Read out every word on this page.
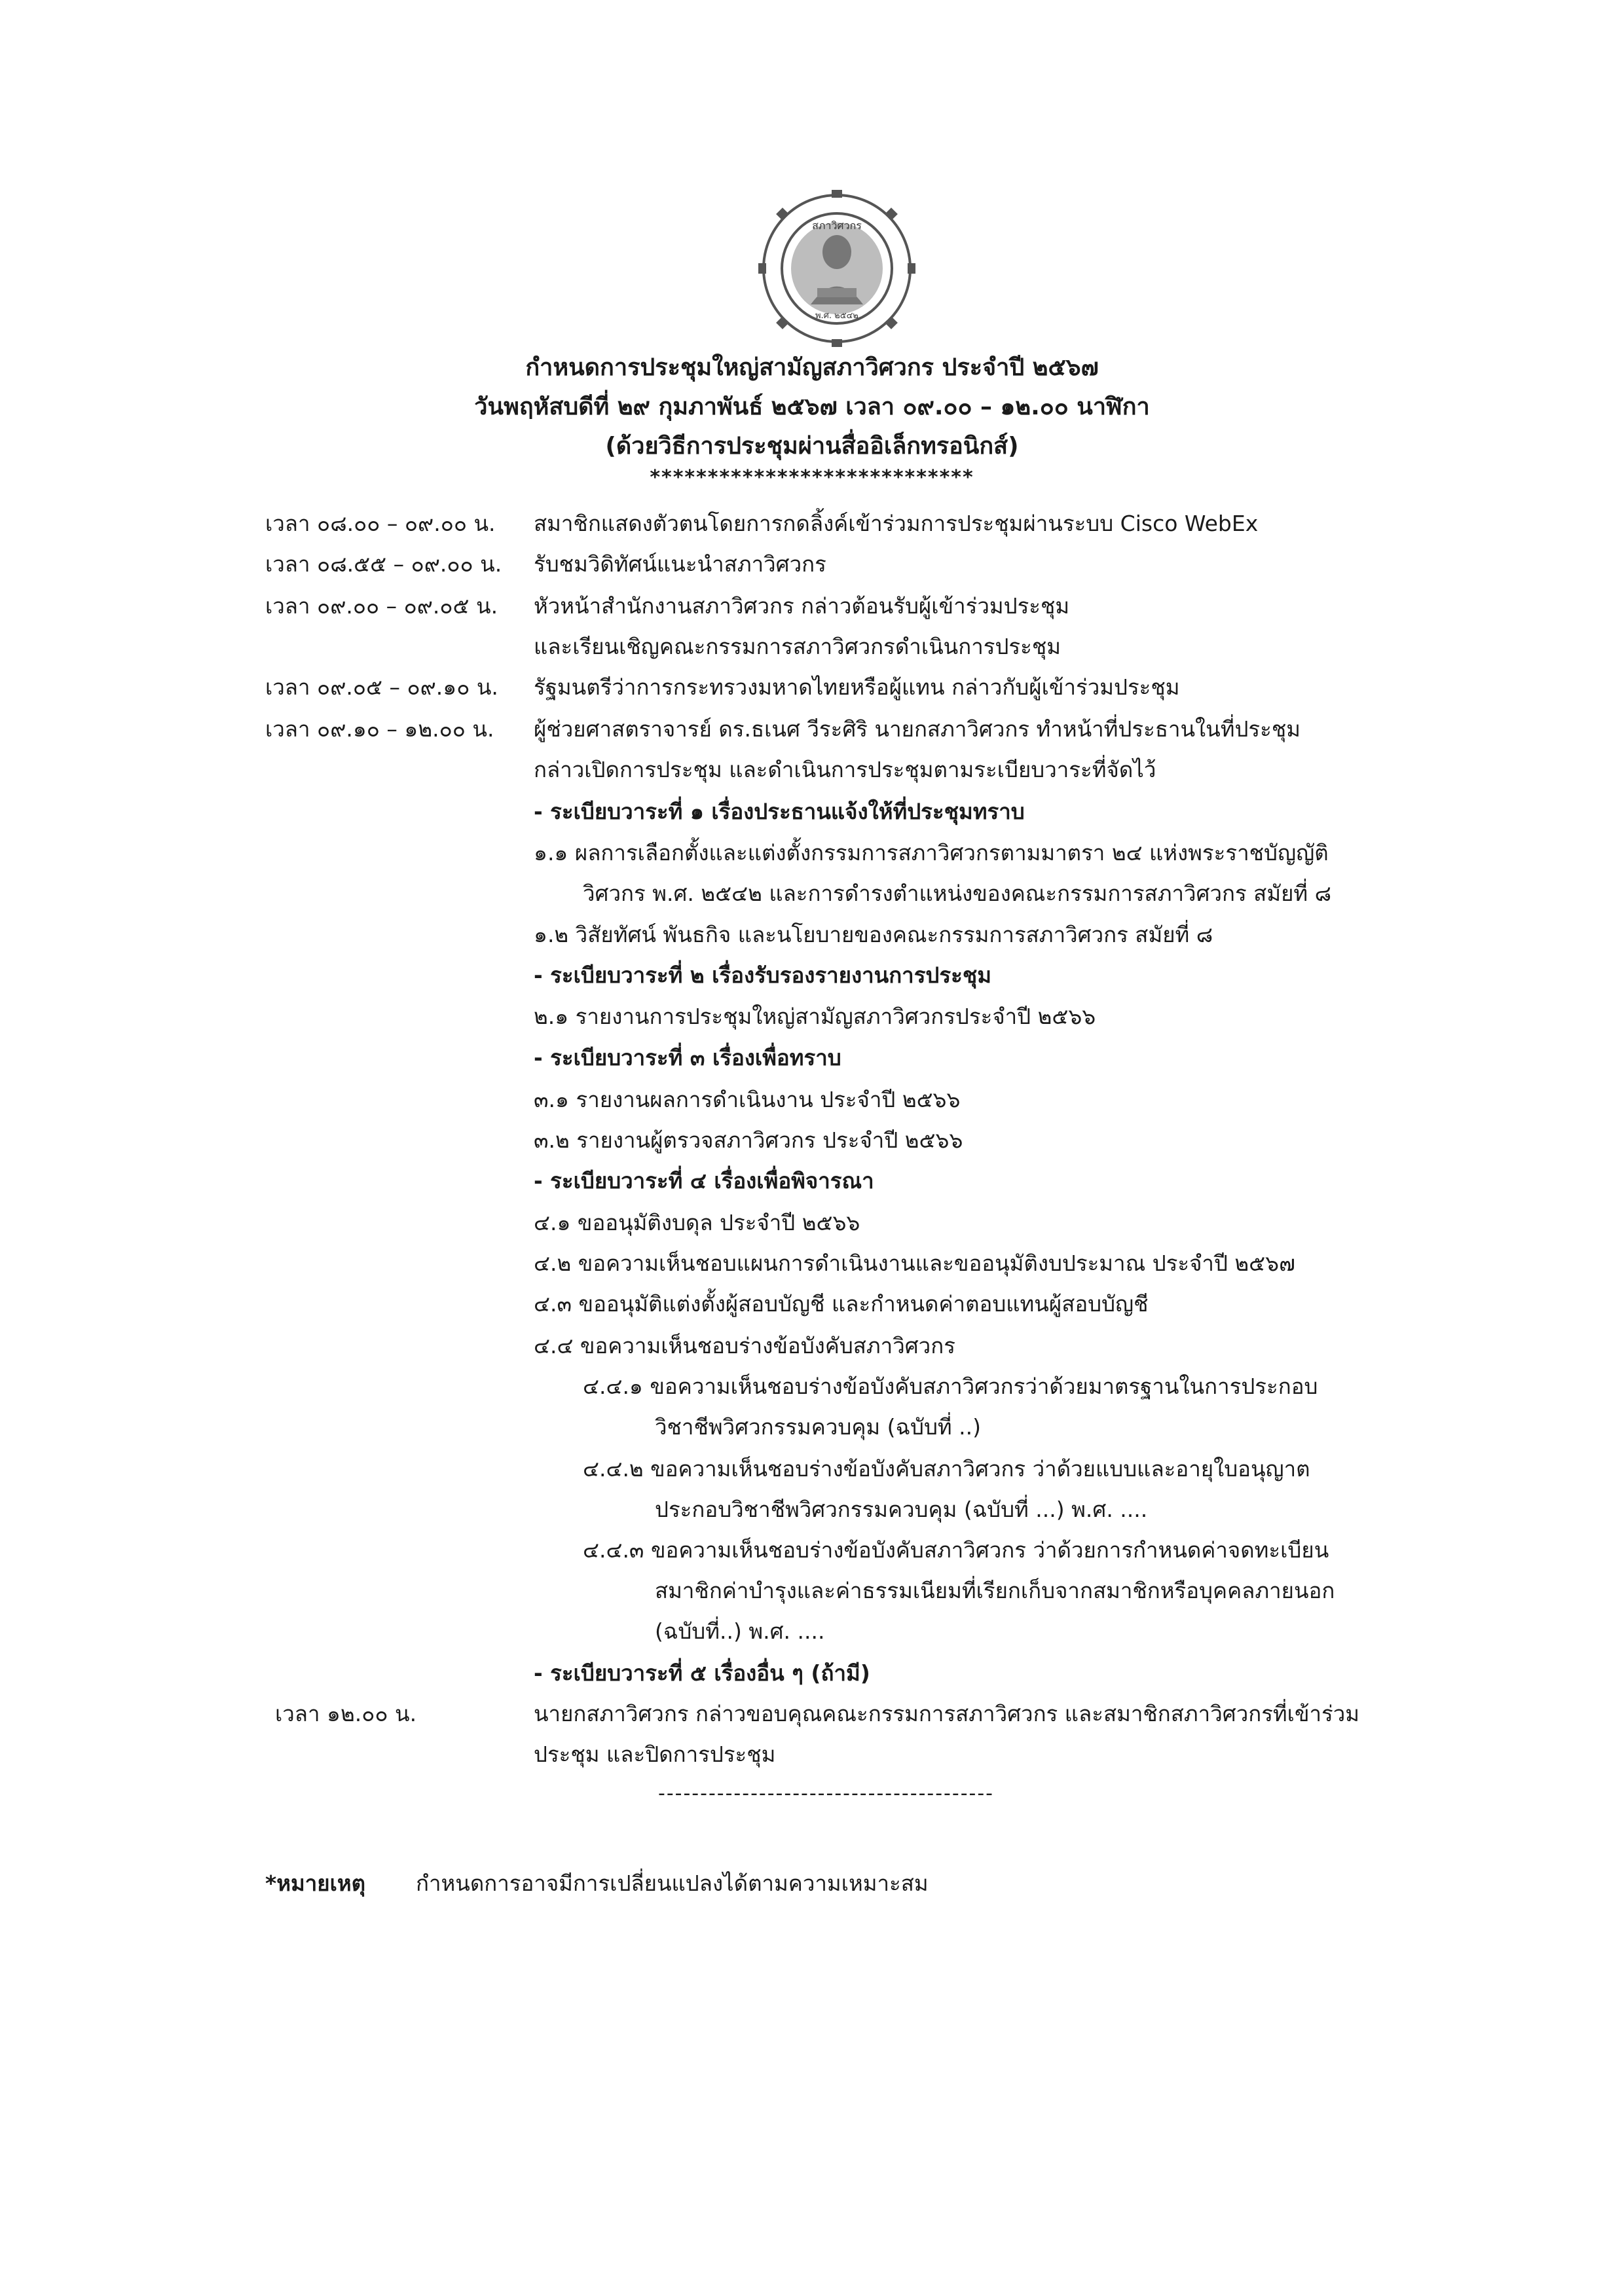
สภาวิศวกร
พ.ศ. ๒๕๔๒
กำหนดการประชุมใหญ่สามัญสภาวิศวกร ประจำปี ๒๕๖๗
วันพฤหัสบดีที่ ๒๙ กุมภาพันธ์ ๒๕๖๗ เวลา ๐๙.๐๐ – ๑๒.๐๐ นาฬิกา
(ด้วยวิธีการประชุมผ่านสื่ออิเล็กทรอนิกส์)
****************************
เวลา ๐๘.๐๐ – ๐๙.๐๐ น. สมาชิกแสดงตัวตนโดยการกดลิ้งค์เข้าร่วมการประชุมผ่านระบบ Cisco WebEx
เวลา ๐๘.๕๕ – ๐๙.๐๐ น. รับชมวิดิทัศน์แนะนำสภาวิศวกร
เวลา ๐๙.๐๐ – ๐๙.๐๕ น. หัวหน้าสำนักงานสภาวิศวกร กล่าวต้อนรับผู้เข้าร่วมประชุม
และเรียนเชิญคณะกรรมการสภาวิศวกรดำเนินการประชุม
เวลา ๐๙.๐๕ – ๐๙.๑๐ น. รัฐมนตรีว่าการกระทรวงมหาดไทยหรือผู้แทน กล่าวกับผู้เข้าร่วมประชุม
เวลา ๐๙.๑๐ – ๑๒.๐๐ น. ผู้ช่วยศาสตราจารย์ ดร.ธเนศ วีระศิริ นายกสภาวิศวกร ทำหน้าที่ประธานในที่ประชุม
กล่าวเปิดการประชุม และดำเนินการประชุมตามระเบียบวาระที่จัดไว้
- ระเบียบวาระที่ ๑ เรื่องประธานแจ้งให้ที่ประชุมทราบ
๑.๑ ผลการเลือกตั้งและแต่งตั้งกรรมการสภาวิศวกรตามมาตรา ๒๔ แห่งพระราชบัญญัติ
วิศวกร พ.ศ. ๒๕๔๒ และการดำรงตำแหน่งของคณะกรรมการสภาวิศวกร สมัยที่ ๘
๑.๒ วิสัยทัศน์ พันธกิจ และนโยบายของคณะกรรมการสภาวิศวกร สมัยที่ ๘
- ระเบียบวาระที่ ๒ เรื่องรับรองรายงานการประชุม
๒.๑ รายงานการประชุมใหญ่สามัญสภาวิศวกรประจำปี ๒๕๖๖
- ระเบียบวาระที่ ๓ เรื่องเพื่อทราบ
๓.๑ รายงานผลการดำเนินงาน ประจำปี ๒๕๖๖
๓.๒ รายงานผู้ตรวจสภาวิศวกร ประจำปี ๒๕๖๖
- ระเบียบวาระที่ ๔ เรื่องเพื่อพิจารณา
๔.๑ ขออนุมัติงบดุล ประจำปี ๒๕๖๖
๔.๒ ขอความเห็นชอบแผนการดำเนินงานและขออนุมัติงบประมาณ ประจำปี ๒๕๖๗
๔.๓ ขออนุมัติแต่งตั้งผู้สอบบัญชี และกำหนดค่าตอบแทนผู้สอบบัญชี
๔.๔ ขอความเห็นชอบร่างข้อบังคับสภาวิศวกร
๔.๔.๑ ขอความเห็นชอบร่างข้อบังคับสภาวิศวกรว่าด้วยมาตรฐานในการประกอบ
วิชาชีพวิศวกรรมควบคุม (ฉบับที่ ..)
๔.๔.๒ ขอความเห็นชอบร่างข้อบังคับสภาวิศวกร ว่าด้วยแบบและอายุใบอนุญาต
ประกอบวิชาชีพวิศวกรรมควบคุม (ฉบับที่ ...) พ.ศ. ....
๔.๔.๓ ขอความเห็นชอบร่างข้อบังคับสภาวิศวกร ว่าด้วยการกำหนดค่าจดทะเบียน
สมาชิกค่าบำรุงและค่าธรรมเนียมที่เรียกเก็บจากสมาชิกหรือบุคคลภายนอก
(ฉบับที่..) พ.ศ. ....
- ระเบียบวาระที่ ๕ เรื่องอื่น ๆ (ถ้ามี)
เวลา ๑๒.๐๐ น.	นายกสภาวิศวกร กล่าวขอบคุณคณะกรรมการสภาวิศวกร และสมาชิกสภาวิศวกรที่เข้าร่วม
ประชุม และปิดการประชุม
----------------------------------------
*หมายเหตุ กำหนดการอาจมีการเปลี่ยนแปลงได้ตามความเหมาะสม
